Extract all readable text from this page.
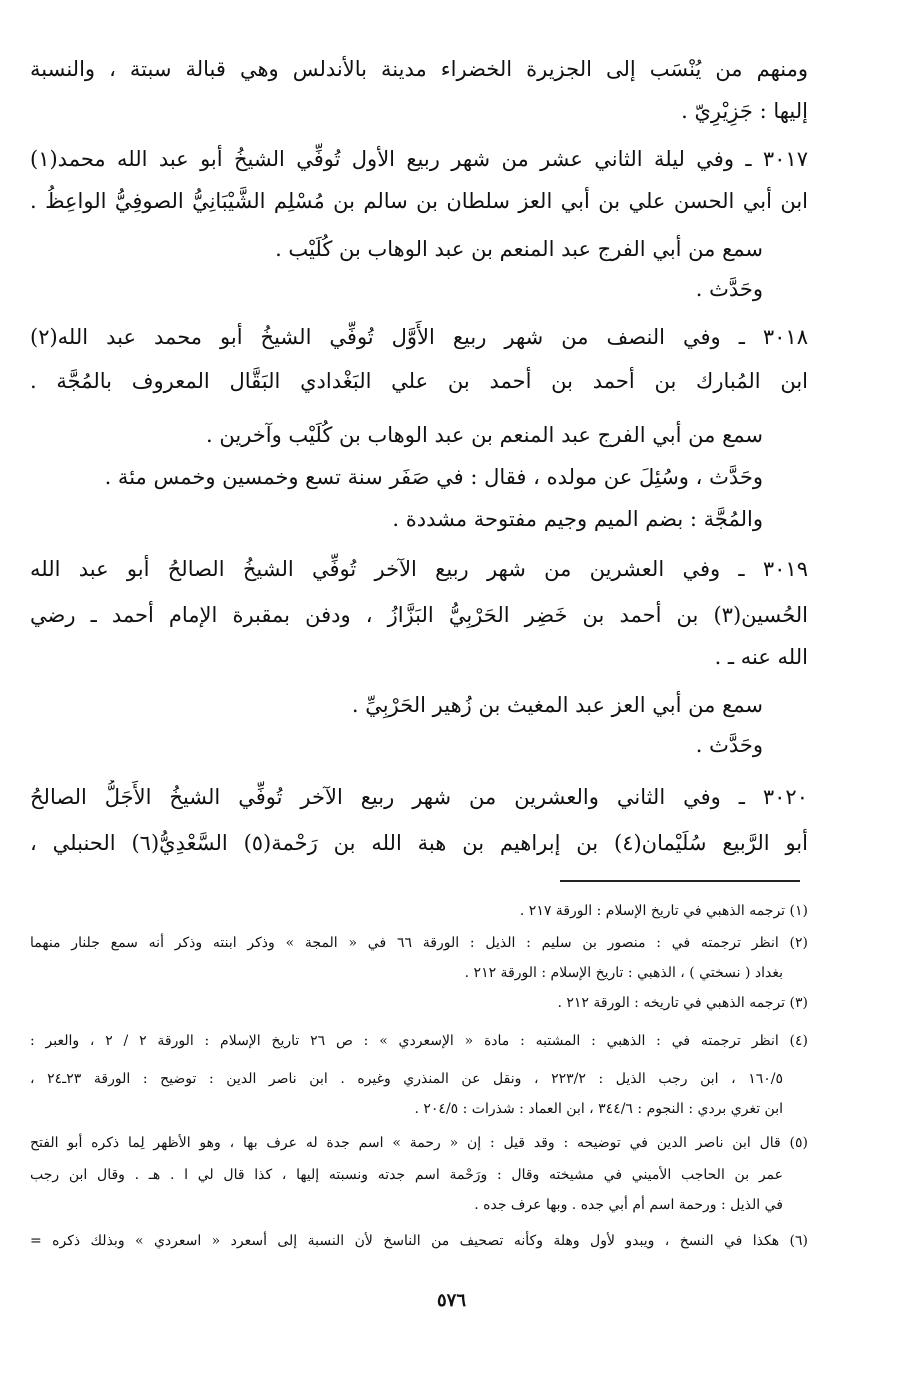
ومنهم من يُنْسَب إلى الجزيرة الخضراء مدينة بالأندلس وهي قبالة سبتة ، والنسبة
إليها : جَزِيْرِيّ .
٣٠١٧ ـ وفي ليلة الثاني عشر من شهر ربيع الأول تُوفِّي الشيخُ أبو عبد الله محمد(١)
ابن أبي الحسن علي بن أبي العز سلطان بن سالم بن مُسْلِم الشَّيْبَانِيُّ الصوفِيُّ الواعِظُ .
سمع من أبي الفرج عبد المنعم بن عبد الوهاب بن كُلَيْب .
وحَدَّث .
٣٠١٨ ـ وفي النصف من شهر ربيع الأَوَّل تُوفِّي الشيخُ أبو محمد عبد الله(٢)
ابن المُبارك بن أحمد بن أحمد بن علي البَغْدادي البَقَّال المعروف بالمُجَّة .
سمع من أبي الفرج عبد المنعم بن عبد الوهاب بن كُلَيْب وآخرين .
وحَدَّث ، وسُئِلَ عن مولده ، فقال : في صَفَر سنة تسع وخمسين وخمس مئة .
والمُجَّة : بضم الميم وجيم مفتوحة مشددة .
٣٠١٩ ـ وفي العشرين من شهر ربيع الآخر تُوفِّي الشيخُ الصالحُ أبو عبد الله
الحُسين(٣) بن أحمد بن خَضِر الحَرْبِيُّ البَزَّازُ ، ودفن بمقبرة الإمام أحمد ـ رضي
الله عنه ـ .
سمع من أبي العز عبد المغيث بن زُهير الحَرْبِيِّ .
وحَدَّث .
٣٠٢٠ ـ وفي الثاني والعشرين من شهر ربيع الآخر تُوفِّي الشيخُ الأَجَلُّ الصالحُ
أبو الرَّبيع سُلَيْمان(٤) بن إبراهيم بن هبة الله بن رَحْمة(٥) السَّعْدِيُّ(٦) الحنبلي ،
(١) ترجمه الذهبي في تاريخ الإسلام : الورقة ٢١٧ .
(٢) انظر ترجمته في : منصور بن سليم : الذيل : الورقة ٦٦ في « المجة » وذكر ابنته وذكر أنه سمع جلنار منهما
بغداد ( نسختي ) ، الذهبي : تاريخ الإسلام : الورقة ٢١٢ .
(٣) ترجمه الذهبي في تاريخه : الورقة ٢١٢ .
(٤) انظر ترجمته في : الذهبي : المشتبه : مادة « الإسعردي » : ص ٢٦ تاريخ الإسلام : الورقة ٢ / ٢ ، والعبر :
١٦٠/٥ ، ابن رجب الذيل : ٢٢٣/٢ ، ونقل عن المنذري وغيره . ابن ناصر الدين : توضيح : الورقة ٢٣ـ٢٤ ،
ابن تغري بردي : النجوم : ٣٤٤/٦ ، ابن العماد : شذرات : ٢٠٤/٥ .
(٥) قال ابن ناصر الدين في توضيحه : وقد قيل : إن « رحمة » اسم جدة له عرف بها ، وهو الأظهر لِما ذكره أبو الفتح
عمر بن الحاجب الأميني في مشيخته وقال : ورَحْمة اسم جدته ونسبته إليها ، كذا قال لي ا . هـ . وقال ابن رجب
في الذيل : ورحمة اسم أم أبي جده . وبها عرف جده .
(٦) هكذا في النسخ ، ويبدو لأول وهلة وكأنه تصحيف من الناسخ لأن النسبة إلى أسعرد « اسعردي » وبذلك ذكره =
٥٧٦
